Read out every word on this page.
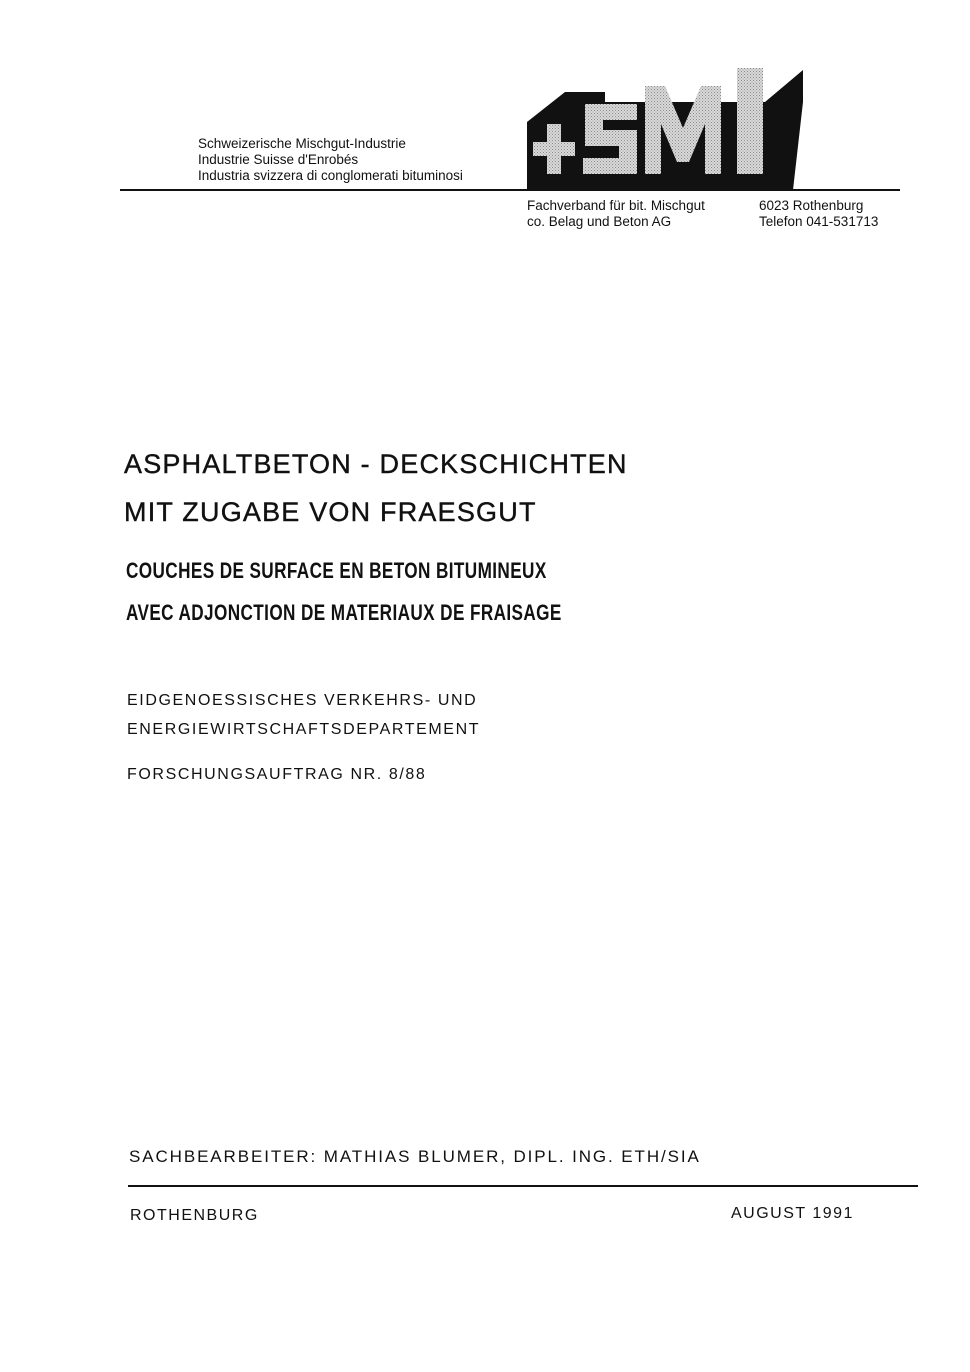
Schweizerische Mischgut-Industrie
Industrie Suisse d'Enrobés
Industria svizzera di conglomerati bituminosi
Fachverband für bit. Mischgut
co. Belag und Beton AG
6023 Rothenburg
Telefon 041-531713
ASPHALTBETON - DECKSCHICHTEN
MIT ZUGABE VON FRAESGUT
COUCHES DE SURFACE EN BETON BITUMINEUX
AVEC ADJONCTION DE MATERIAUX DE FRAISAGE
EIDGENOESSISCHES VERKEHRS- UND
ENERGIEWIRTSCHAFTSDEPARTEMENT
FORSCHUNGSAUFTRAG NR. 8/88
SACHBEARBEITER: MATHIAS BLUMER, DIPL. ING. ETH/SIA
ROTHENBURG	AUGUST 1991
